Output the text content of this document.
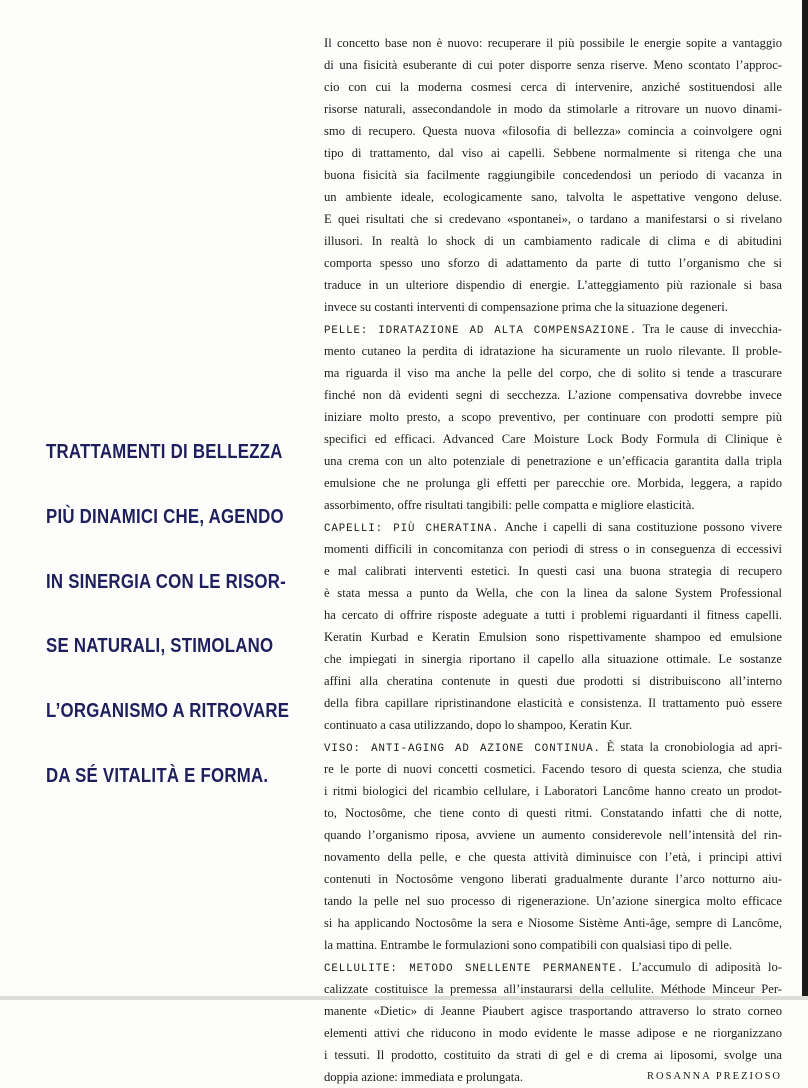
TRATTAMENTI DI BELLEZZA
PIÙ DINAMICI CHE, AGENDO
IN SINERGIA CON LE RISOR-
SE NATURALI, STIMOLANO
L’ORGANISMO A RITROVARE
DA SÉ VITALITÀ E FORMA.
Il concetto base non è nuovo: recuperare il più possibile le energie sopite a vantaggio
di una fisicità esuberante di cui poter disporre senza riserve. Meno scontato l’approc-
cio con cui la moderna cosmesi cerca di intervenire, anziché sostituendosi alle
risorse naturali, assecondandole in modo da stimolarle a ritrovare un nuovo dinami-
smo di recupero. Questa nuova «filosofia di bellezza» comincia a coinvolgere ogni
tipo di trattamento, dal viso ai capelli. Sebbene normalmente si ritenga che una
buona fisicità sia facilmente raggiungibile concedendosi un periodo di vacanza in
un ambiente ideale, ecologicamente sano, talvolta le aspettative vengono deluse.
E quei risultati che si credevano «spontanei», o tardano a manifestarsi o si rivelano
illusori. In realtà lo shock di un cambiamento radicale di clima e di abitudini
comporta spesso uno sforzo di adattamento da parte di tutto l’organismo che si
traduce in un ulteriore dispendio di energie. L’atteggiamento più razionale si basa
invece su costanti interventi di compensazione prima che la situazione degeneri.
PELLE: IDRATAZIONE AD ALTA COMPENSAZIONE. Tra le cause di invecchia-
mento cutaneo la perdita di idratazione ha sicuramente un ruolo rilevante. Il proble-
ma riguarda il viso ma anche la pelle del corpo, che di solito si tende a trascurare
finché non dà evidenti segni di secchezza. L’azione compensativa dovrebbe invece
iniziare molto presto, a scopo preventivo, per continuare con prodotti sempre più
specifici ed efficaci. Advanced Care Moisture Lock Body Formula di Clinique è
una crema con un alto potenziale di penetrazione e un’efficacia garantita dalla tripla
emulsione che ne prolunga gli effetti per parecchie ore. Morbida, leggera, a rapido
assorbimento, offre risultati tangibili: pelle compatta e migliore elasticità.
CAPELLI: PIÙ CHERATINA. Anche i capelli di sana costituzione possono vivere
momenti difficili in concomitanza con periodi di stress o in conseguenza di eccessivi
e mal calibrati interventi estetici. In questi casi una buona strategia di recupero
è stata messa a punto da Wella, che con la linea da salone System Professional
ha cercato di offrire risposte adeguate a tutti i problemi riguardanti il fitness capelli.
Keratin Kurbad e Keratin Emulsion sono rispettivamente shampoo ed emulsione
che impiegati in sinergia riportano il capello alla situazione ottimale. Le sostanze
affini alla cheratina contenute in questi due prodotti si distribuiscono all’interno
della fibra capillare ripristinandone elasticità e consistenza. Il trattamento può essere
continuato a casa utilizzando, dopo lo shampoo, Keratin Kur.
VISO: ANTI-AGING AD AZIONE CONTINUA. È stata la cronobiologia ad apri-
re le porte di nuovi concetti cosmetici. Facendo tesoro di questa scienza, che studia
i ritmi biologici del ricambio cellulare, i Laboratori Lancôme hanno creato un prodot-
to, Noctosôme, che tiene conto di questi ritmi. Constatando infatti che di notte,
quando l’organismo riposa, avviene un aumento considerevole nell’intensità del rin-
novamento della pelle, e che questa attività diminuisce con l’età, i principi attivi
contenuti in Noctosôme vengono liberati gradualmente durante l’arco notturno aiu-
tando la pelle nel suo processo di rigenerazione. Un’azione sinergica molto efficace
si ha applicando Noctosôme la sera e Niosome Sistème Anti-âge, sempre di Lancôme,
la mattina. Entrambe le formulazioni sono compatibili con qualsiasi tipo di pelle.
CELLULITE: METODO SNELLENTE PERMANENTE. L’accumulo di adiposità lo-
calizzate costituisce la premessa all’instaurarsi della cellulite. Méthode Minceur Per-
manente «Dietic» di Jeanne Piaubert agisce trasportando attraverso lo strato corneo
elementi attivi che riducono in modo evidente le masse adipose e ne riorganizzano
i tessuti. Il prodotto, costituito da strati di gel e di crema ai liposomi, svolge una
doppia azione: immediata e prolungata.	ROSANNA PREZIOSO
